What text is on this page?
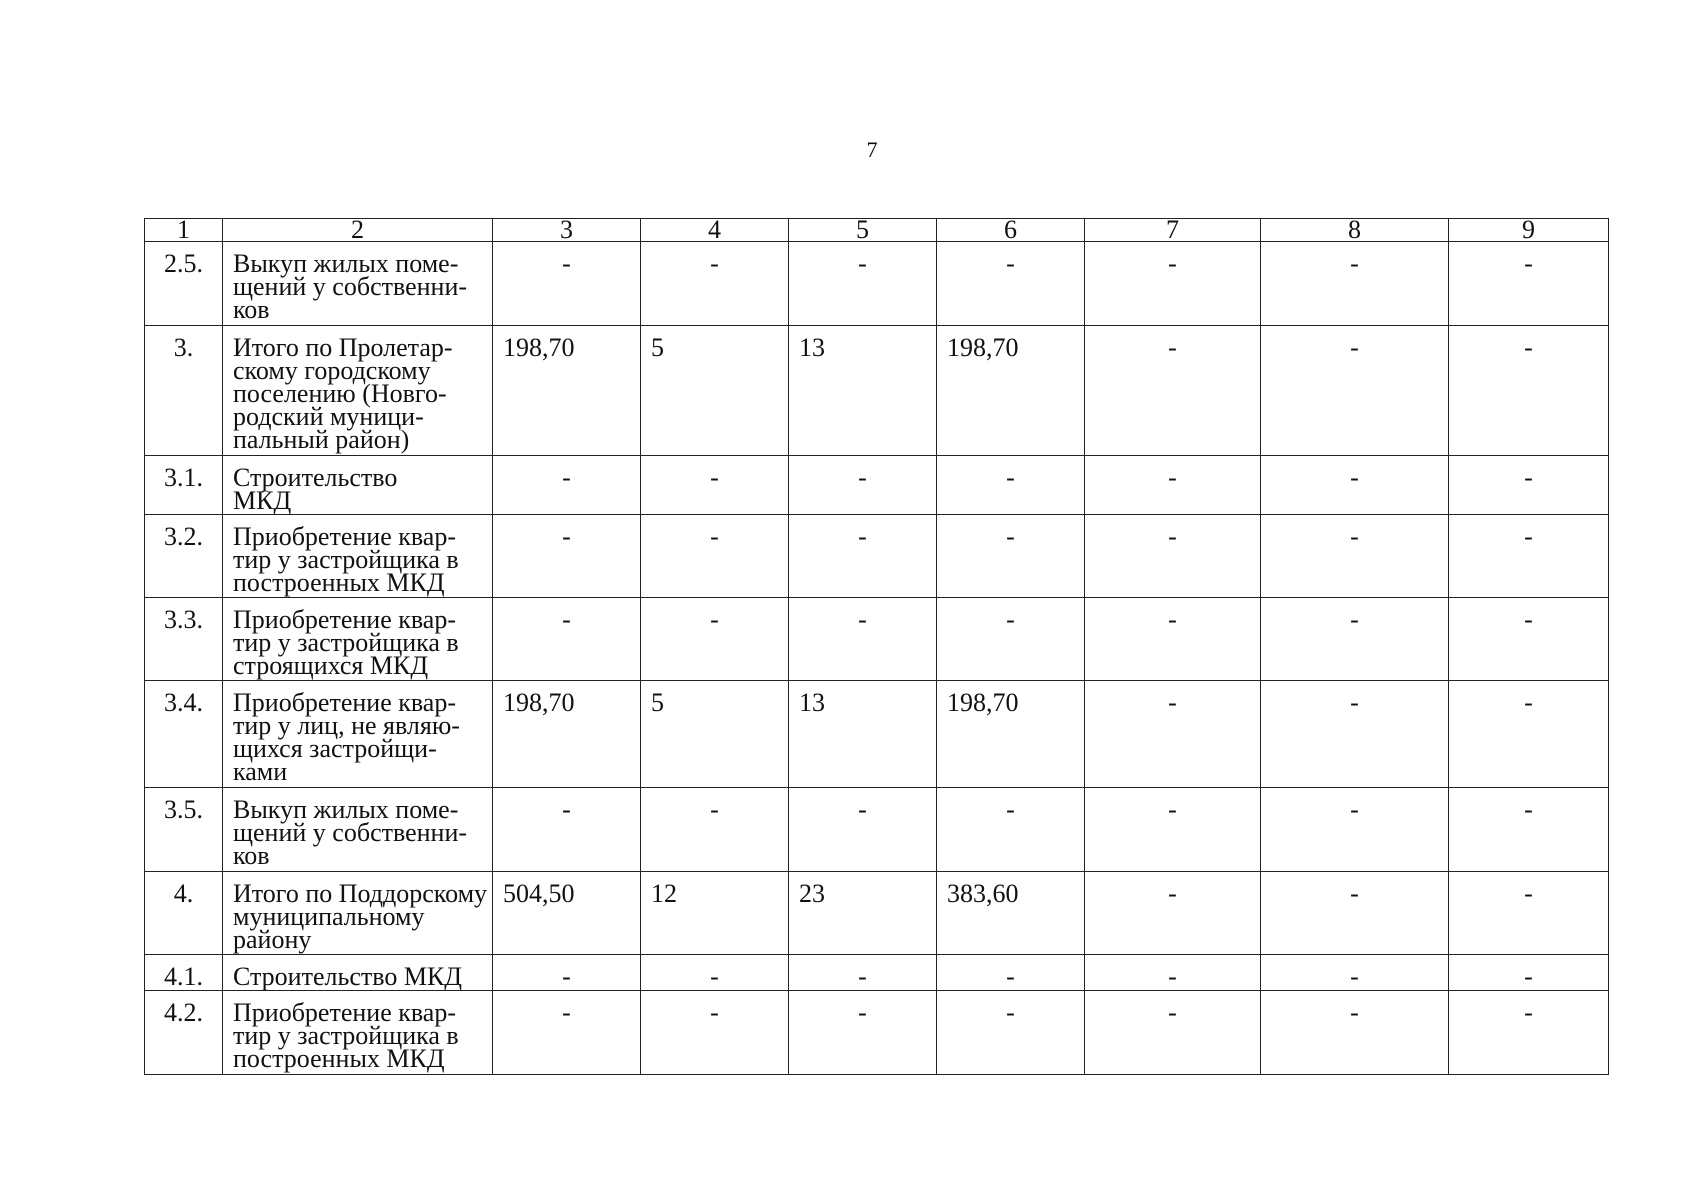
7
1	2	3	4	5	6	7	8	9
2.5.	Выкуп жилых поме-
щений у собственни-
ков	-	-	-	-	-	-	-
3.	Итого по Пролетар-
скому городскому
поселению (Новго-
родский муници-
пальный район)	198,70	5	13	198,70	-	-	-
3.1.	Строительство
МКД	-	-	-	-	-	-	-
3.2.	Приобретение квар-
тир у застройщика в
построенных МКД	-	-	-	-	-	-	-
3.3.	Приобретение квар-
тир у застройщика в
строящихся МКД	-	-	-	-	-	-	-
3.4.	Приобретение квар-
тир у лиц, не являю-
щихся застройщи-
ками	198,70	5	13	198,70	-	-	-
3.5.	Выкуп жилых поме-
щений у собственни-
ков	-	-	-	-	-	-	-
4.	Итого по Поддорскому
муниципальному
району	504,50	12	23	383,60	-	-	-
4.1.	Строительство МКД	-	-	-	-	-	-	-
4.2.	Приобретение квар-
тир у застройщика в
построенных МКД	-	-	-	-	-	-	-
